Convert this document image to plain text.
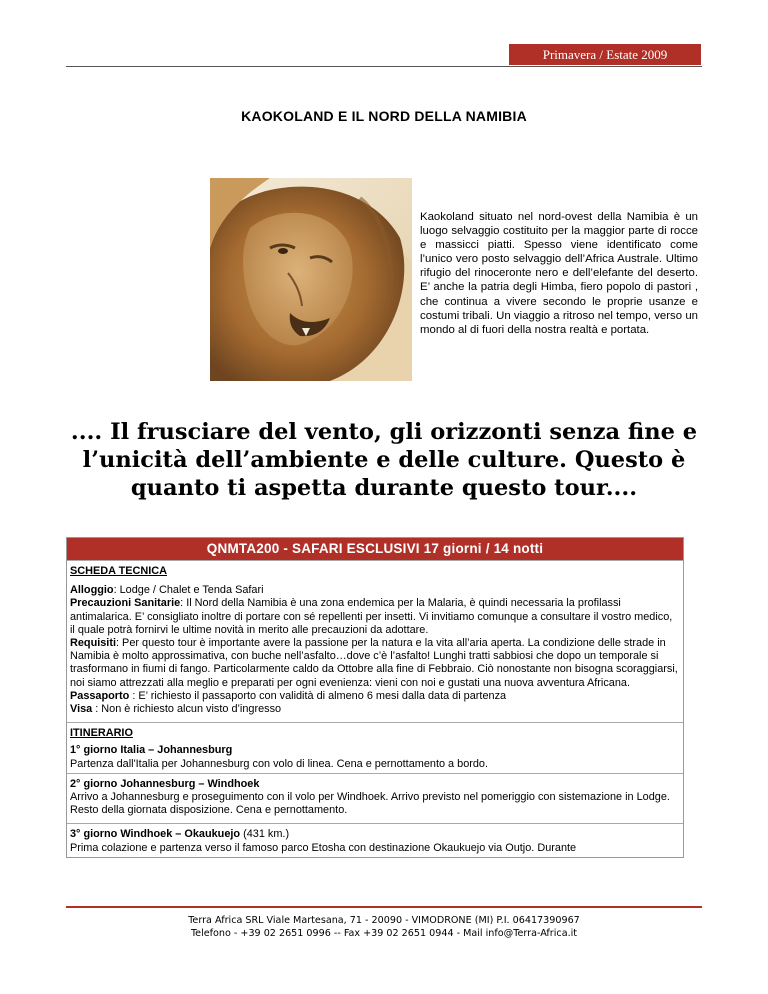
Primavera / Estate 2009
KAOKOLAND E IL NORD DELLA NAMIBIA
Kaokoland situato nel nord-ovest della Namibia è un luogo selvaggio costituito per la maggior parte di rocce e massicci piatti. Spesso viene identificato come l’unico vero posto selvaggio dell’Africa Australe. Ultimo rifugio del rinoceronte nero e dell’elefante del deserto. E’ anche la patria degli Himba, fiero popolo di pastori , che continua a vivere secondo le proprie usanze e costumi tribali. Un viaggio a ritroso nel tempo, verso un mondo al di fuori della nostra realtà e portata.
.... Il frusciare del vento, gli orizzonti senza fine e l’unicità dell’ambiente e delle culture. Questo è quanto ti aspetta durante questo tour....
QNMTA200 - SAFARI ESCLUSIVI 17 giorni / 14 notti
SCHEDA TECNICA
Alloggio: Lodge / Chalet e Tenda Safari
Precauzioni Sanitarie: Il Nord della Namibia è una zona endemica per la Malaria, è quindi necessaria la profilassi antimalarica. E’ consigliato inoltre di portare con sé repellenti per insetti. Vi invitiamo comunque a consultare il vostro medico, il quale potrà fornirvi le ultime novità in merito alle precauzioni da adottare.
Requisiti: Per questo tour è importante avere la passione per la natura e la vita all’aria aperta. La condizione delle strade in Namibia è molto approssimativa, con buche nell’asfalto…dove c’è l’asfalto! Lunghi tratti sabbiosi che dopo un temporale si trasformano in fiumi di fango. Particolarmente caldo da Ottobre alla fine di Febbraio. Ciò nonostante non bisogna scoraggiarsi, noi siamo attrezzati alla meglio e preparati per ogni evenienza: vieni con noi e gustati una nuova avventura Africana.
Passaporto : E’ richiesto il passaporto con validità di almeno 6 mesi dalla data di partenza
Visa : Non è richiesto alcun visto d’ingresso
ITINERARIO
1° giorno Italia – Johannesburg
Partenza dall'Italia per Johannesburg con volo di linea. Cena e pernottamento a bordo.
2° giorno Johannesburg – Windhoek
Arrivo a Johannesburg e proseguimento con il volo per Windhoek. Arrivo previsto nel pomeriggio con sistemazione in Lodge. Resto della giornata disposizione. Cena e pernottamento.
3° giorno Windhoek – Okaukuejo (431 km.)
Prima colazione e partenza verso il famoso parco Etosha con destinazione Okaukuejo via Outjo. Durante
Terra Africa SRL Viale Martesana, 71 - 20090 - VIMODRONE (MI) P.I. 06417390967
Telefono - +39 02 2651 0996 -- Fax +39 02 2651 0944 - Mail info@Terra-Africa.it
